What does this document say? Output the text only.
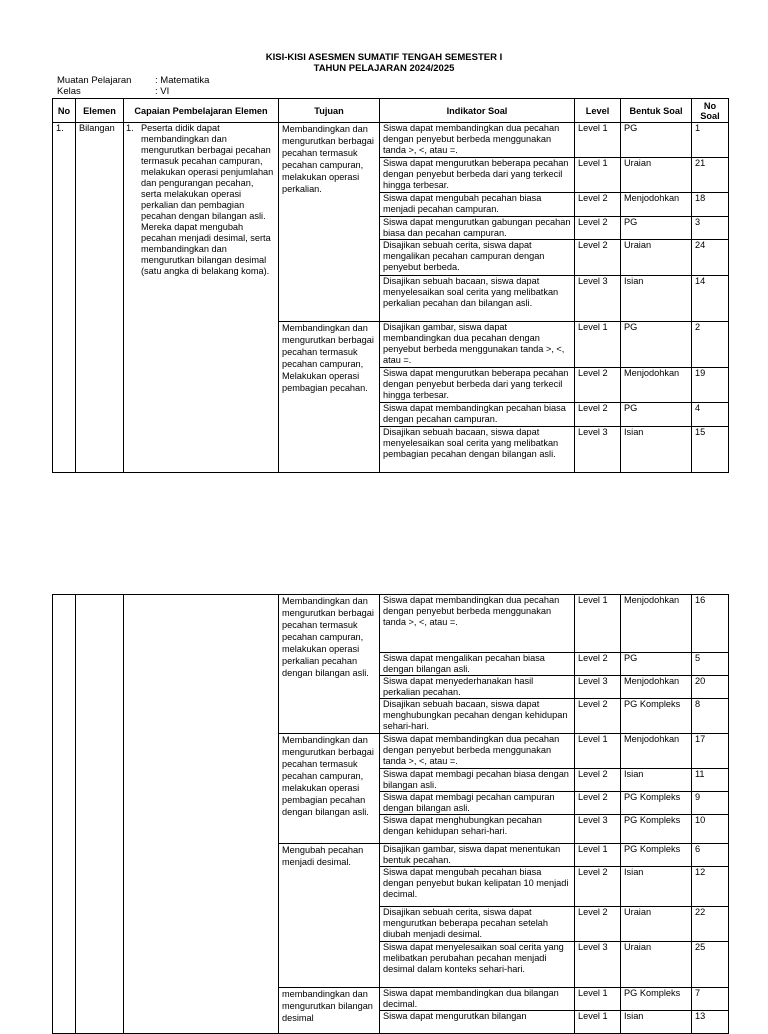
KISI-KISI ASESMEN SUMATIF TENGAH SEMESTER I
TAHUN PELAJARAN 2024/2025
Muatan Pelajaran : Matematika
Kelas	: VI
No	Elemen	Capaian Pembelajaran Elemen	Tujuan	Indikator Soal	Level	Bentuk Soal	No Soal
1.	Bilangan	1. Peserta didik dapat membandingkan dan mengurutkan berbagai pecahan termasuk pecahan campuran, melakukan operasi penjumlahan dan pengurangan pecahan, serta melakukan operasi perkalian dan pembagian pecahan dengan bilangan asli. Mereka dapat mengubah pecahan menjadi desimal, serta membandingkan dan mengurutkan bilangan desimal (satu angka di belakang koma).	Membandingkan dan mengurutkan berbagai pecahan termasuk pecahan campuran, melakukan operasi perkalian.	Siswa dapat membandingkan dua pecahan dengan penyebut berbeda menggunakan tanda >, <, atau =.	Level 1	PG	1
				Siswa dapat mengurutkan beberapa pecahan dengan penyebut berbeda dari yang terkecil hingga terbesar.	Level 1	Uraian	21
				Siswa dapat mengubah pecahan biasa menjadi pecahan campuran.	Level 2	Menjodohkan	18
				Siswa dapat mengurutkan gabungan pecahan biasa dan pecahan campuran.	Level 2	PG	3
				Disajikan sebuah cerita, siswa dapat mengalikan pecahan campuran dengan penyebut berbeda.	Level 2	Uraian	24
				Disajikan sebuah bacaan, siswa dapat menyelesaikan soal cerita yang melibatkan perkalian pecahan dan bilangan asli.	Level 3	Isian	14
			Membandingkan dan mengurutkan berbagai pecahan termasuk pecahan campuran, Melakukan operasi pembagian pecahan.	Disajikan gambar, siswa dapat membandingkan dua pecahan dengan penyebut berbeda menggunakan tanda >, <, atau =.	Level 1	PG	2
				Siswa dapat mengurutkan beberapa pecahan dengan penyebut berbeda dari yang terkecil hingga terbesar.	Level 2	Menjodohkan	19
				Siswa dapat membandingkan pecahan biasa dengan pecahan campuran.	Level 2	PG	4
				Disajikan sebuah bacaan, siswa dapat menyelesaikan soal cerita yang melibatkan pembagian pecahan dengan bilangan asli.	Level 3	Isian	15
			Membandingkan dan mengurutkan berbagai pecahan termasuk pecahan campuran, melakukan operasi perkalian pecahan dengan bilangan asli.	Siswa dapat membandingkan dua pecahan dengan penyebut berbeda menggunakan tanda >, <, atau =.	Level 1	Menjodohkan	16
				Siswa dapat mengalikan pecahan biasa dengan bilangan asli.	Level 2	PG	5
				Siswa dapat menyederhanakan hasil perkalian pecahan.	Level 3	Menjodohkan	20
				Disajikan sebuah bacaan, siswa dapat menghubungkan pecahan dengan kehidupan sehari-hari.	Level 2	PG Kompleks	8
			Membandingkan dan mengurutkan berbagai pecahan termasuk pecahan campuran, melakukan operasi pembagian pecahan dengan bilangan asli.	Siswa dapat membandingkan dua pecahan dengan penyebut berbeda menggunakan tanda >, <, atau =.	Level 1	Menjodohkan	17
				Siswa dapat membagi pecahan biasa dengan bilangan asli.	Level 2	Isian	11
				Siswa dapat membagi pecahan campuran dengan bilangan asli.	Level 2	PG Kompleks	9
				Siswa dapat menghubungkan pecahan dengan kehidupan sehari-hari.	Level 3	PG Kompleks	10
			Mengubah pecahan menjadi desimal.	Disajikan gambar, siswa dapat menentukan bentuk pecahan.	Level 1	PG Kompleks	6
				Siswa dapat mengubah pecahan biasa dengan penyebut bukan kelipatan 10 menjadi decimal.	Level 2	Isian	12
				Disajikan sebuah cerita, siswa dapat mengurutkan beberapa pecahan setelah diubah menjadi desimal.	Level 2	Uraian	22
				Siswa dapat menyelesaikan soal cerita yang melibatkan perubahan pecahan menjadi desimal dalam konteks sehari-hari.	Level 3	Uraian	25
			membandingkan dan mengurutkan bilangan desimal	Siswa dapat membandingkan dua bilangan decimal.	Level 1	PG Kompleks	7
				Siswa dapat mengurutkan bilangan	Level 1	Isian	13
